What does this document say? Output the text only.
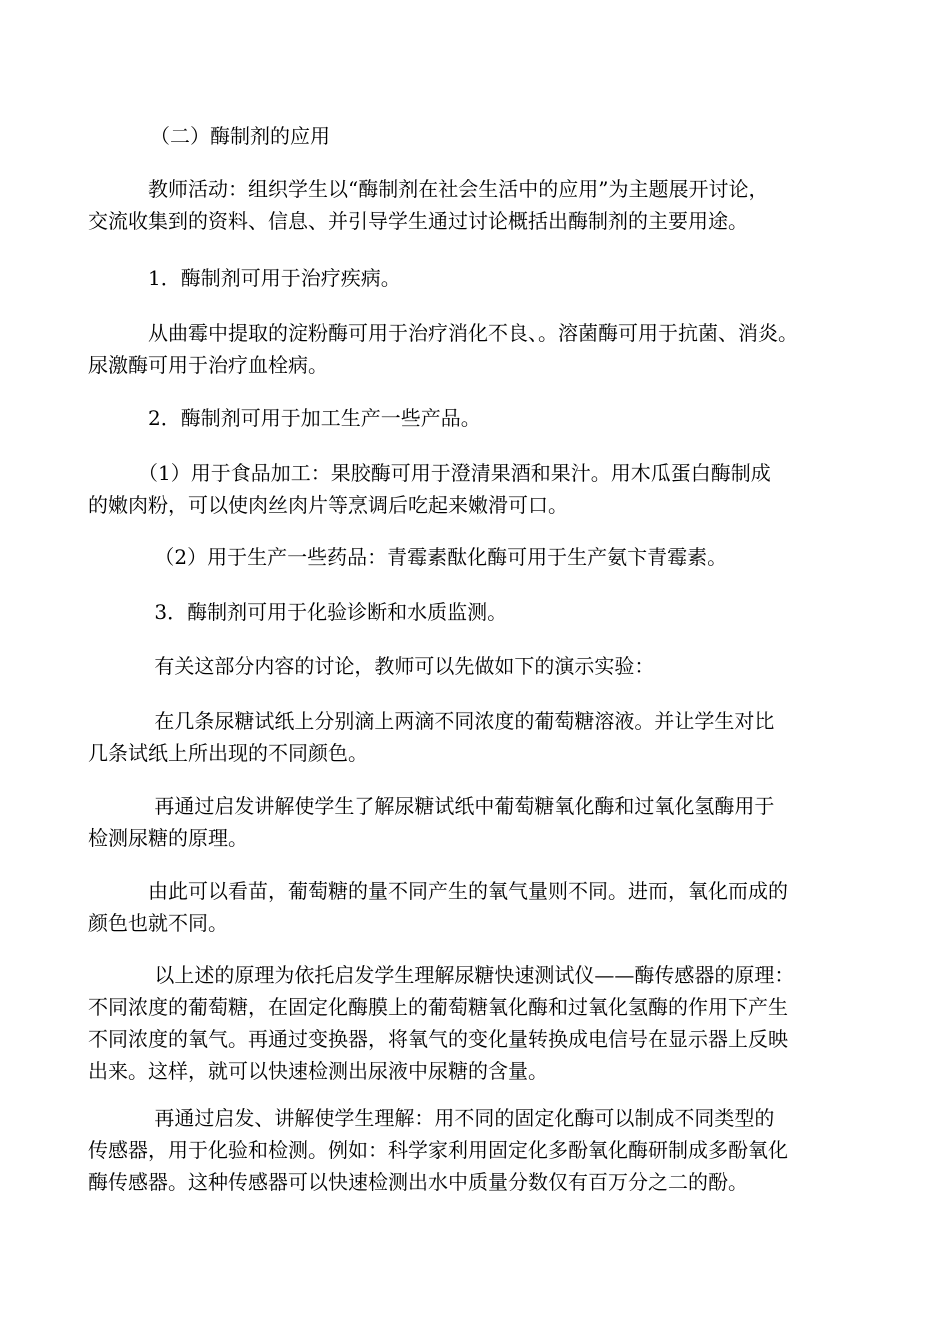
（二）酶制剂的应用

　　　教师活动：组织学生以“酶制剂在社会生活中的应用”为主题展开讨论，
交流收集到的资料、信息、并引导学生通过讨论概括出酶制剂的主要用途。

　　　1．酶制剂可用于治疗疾病。

　　　从曲霉中提取的淀粉酶可用于治疗消化不良、。溶菌酶可用于抗菌、消炎。
尿激酶可用于治疗血栓病。

　　　2．酶制剂可用于加工生产一些产品。

　　　（1）用于食品加工：果胶酶可用于澄清果酒和果汁。用木瓜蛋白酶制成
的嫩肉粉，可以使肉丝肉片等烹调后吃起来嫩滑可口。

　　　 （2）用于生产一些药品：青霉素酞化酶可用于生产氨卞青霉素。

　　　 3．酶制剂可用于化验诊断和水质监测。

　　　 有关这部分内容的讨论，教师可以先做如下的演示实验：

　　　 在几条尿糖试纸上分别滴上两滴不同浓度的葡萄糖溶液。并让学生对比
几条试纸上所出现的不同颜色。

　　　 再通过启发讲解使学生了解尿糖试纸中葡萄糖氧化酶和过氧化氢酶用于
检测尿糖的原理。

　　　由此可以看苗，葡萄糖的量不同产生的氧气量则不同。进而，氧化而成的
颜色也就不同。

　　　 以上述的原理为依托启发学生理解尿糖快速测试仪——酶传感器的原理：
不同浓度的葡萄糖，在固定化酶膜上的葡萄糖氧化酶和过氧化氢酶的作用下产生
不同浓度的氧气。再通过变换器，将氧气的变化量转换成电信号在显示器上反映
出来。这样，就可以快速检测出尿液中尿糖的含量。

　　　 再通过启发、讲解使学生理解：用不同的固定化酶可以制成不同类型的
传感器，用于化验和检测。例如：科学家利用固定化多酚氧化酶研制成多酚氧化
酶传感器。这种传感器可以快速检测出水中质量分数仅有百万分之二的酚。
